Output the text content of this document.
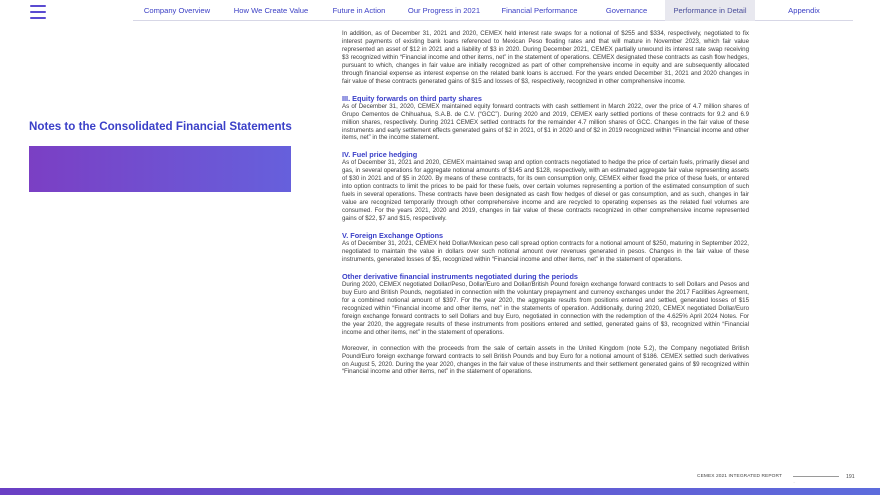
Company Overview	How We Create Value	Future in Action	Our Progress in 2021	Financial Performance	Governance	Performance in Detail	Appendix
Notes to the Consolidated Financial Statements

In addition, as of December 31, 2021 and 2020, CEMEX held interest rate swaps for a notional of $255 and $334, respectively, negotiated to fix interest payments of existing bank loans referenced to Mexican Peso floating rates and that will mature in November 2023, which fair value represented an asset of $12 in 2021 and a liability of $3 in 2020. During December 2021, CEMEX partially unwound its interest rate swap receiving $3 recognized within “Financial income and other items, net” in the statement of operations. CEMEX designated these contracts as cash flow hedges, pursuant to which, changes in fair value are initially recognized as part of other comprehensive income in equity and are subsequently allocated through financial expense as interest expense on the related bank loans is accrued. For the years ended December 31, 2021 and 2020 changes in fair value of these contracts generated gains of $15 and losses of $3, respectively, recognized in other comprehensive income.

III. Equity forwards on third party shares

As of December 31, 2020, CEMEX maintained equity forward contracts with cash settlement in March 2022, over the price of 4.7 million shares of Grupo Cementos de Chihuahua, S.A.B. de C.V. (“GCC”). During 2020 and 2019, CEMEX early settled portions of these contracts for 9.2 and 6.9 million shares, respectively. During 2021 CEMEX settled contracts for the remainder 4.7 million shares of GCC. Changes in the fair value of these instruments and early settlement effects generated gains of $2 in 2021, of $1 in 2020 and of $2 in 2019 recognized within “Financial income and other items, net” in the income statement.

IV. Fuel price hedging

As of December 31, 2021 and 2020, CEMEX maintained swap and option contracts negotiated to hedge the price of certain fuels, primarily diesel and gas, in several operations for aggregate notional amounts of $145 and $128, respectively, with an estimated aggregate fair value representing assets of $30 in 2021 and of $5 in 2020. By means of these contracts, for its own consumption only, CEMEX either fixed the price of these fuels, or entered into option contracts to limit the prices to be paid for these fuels, over certain volumes representing a portion of the estimated consumption of such fuels in several operations. These contracts have been designated as cash flow hedges of diesel or gas consumption, and as such, changes in fair value are recognized temporarily through other comprehensive income and are recycled to operating expenses as the related fuel volumes are consumed. For the years 2021, 2020 and 2019, changes in fair value of these contracts recognized in other comprehensive income represented gains of $22, $7 and $15, respectively.

V. Foreign Exchange Options

As of December 31, 2021, CEMEX held Dollar/Mexican peso call spread option contracts for a notional amount of $250, maturing in September 2022, negotiated to maintain the value in dollars over such notional amount over revenues generated in pesos. Changes in the fair value of these instruments, generated losses of $5, recognized within “Financial income and other items, net” in the statement of operations.

Other derivative financial instruments negotiated during the periods

During 2020, CEMEX negotiated Dollar/Peso, Dollar/Euro and Dollar/British Pound foreign exchange forward contracts to sell Dollars and Pesos and buy Euro and British Pounds, negotiated in connection with the voluntary prepayment and currency exchanges under the 2017 Facilities Agreement, for a combined notional amount of $397. For the year 2020, the aggregate results from positions entered and settled, generated losses of $15 recognized within “Financial income and other items, net” in the statements of operation. Additionally, during 2020, CEMEX negotiated Dollar/Euro foreign exchange forward contracts to sell Dollars and buy Euro, negotiated in connection with the redemption of the 4.625% April 2024 Notes. For the year 2020, the aggregate results of these instruments from positions entered and settled, generated gains of $3, recognized within “Financial income and other items, net” in the statement of operations.

Moreover, in connection with the proceeds from the sale of certain assets in the United Kingdom (note 5.2), the Company negotiated British Pound/Euro foreign exchange forward contracts to sell British Pounds and buy Euro for a notional amount of $186. CEMEX settled such derivatives on August 5, 2020. During the year 2020, changes in the fair value of these instruments and their settlement generated gains of $9 recognized within “Financial income and other items, net” in the statement of operations.

CEMEX 2021 INTEGRATED REPORT
...
191
